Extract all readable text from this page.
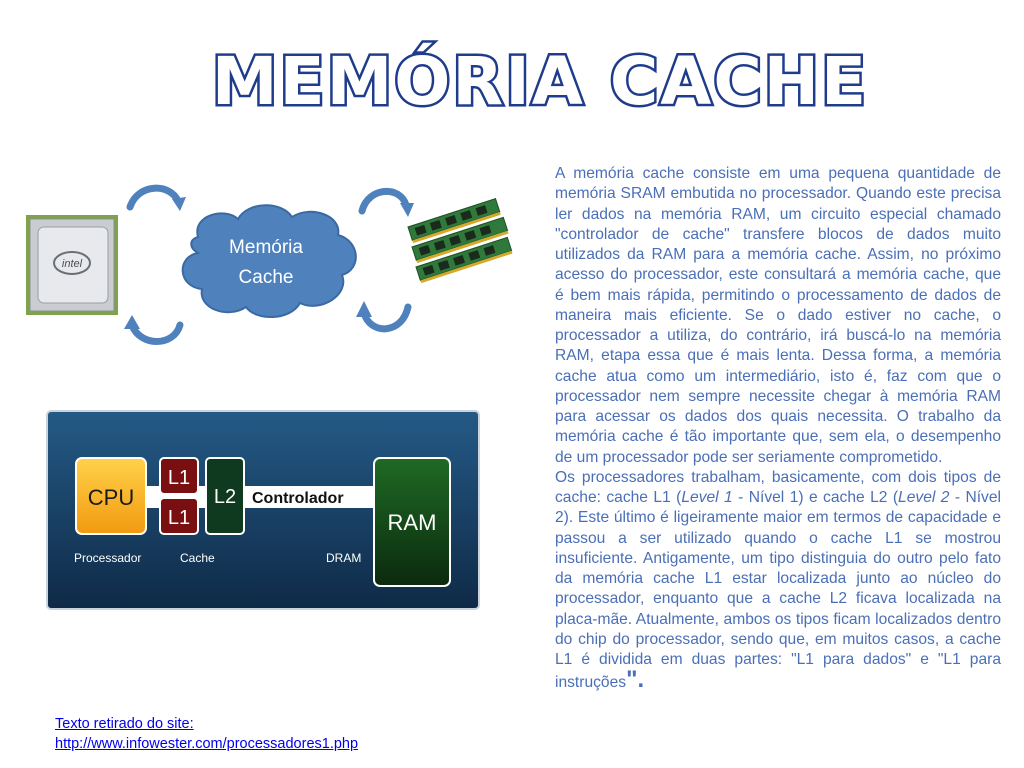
MEMÓRIA CACHE
intel
Memória
Cache
CPU
L1
L1
L2 Controlador
RAM
Processador	Cache	DRAM

A memória cache consiste em uma pequena quantidade de memória SRAM embutida no processador. Quando este precisa ler dados na memória RAM, um circuito especial chamado "controlador de cache" transfere blocos de dados muito utilizados da RAM para a memória cache. Assim, no próximo acesso do processador, este consultará a memória cache, que é bem mais rápida, permitindo o processamento de dados de maneira mais eficiente. Se o dado estiver no cache, o processador a utiliza, do contrário, irá buscá-lo na memória RAM, etapa essa que é mais lenta. Dessa forma, a memória cache atua como um intermediário, isto é, faz com que o processador nem sempre necessite chegar à memória RAM para acessar os dados dos quais necessita. O trabalho da memória cache é tão importante que, sem ela, o desempenho de um processador pode ser seriamente comprometido.

Os processadores trabalham, basicamente, com dois tipos de cache: cache L1 (Level 1 - Nível 1) e cache L2 (Level 2 - Nível 2). Este último é ligeiramente maior em termos de capacidade e passou a ser utilizado quando o cache L1 se mostrou insuficiente. Antigamente, um tipo distinguia do outro pelo fato da memória cache L1 estar localizada junto ao núcleo do processador, enquanto que a cache L2 ficava localizada na placa-mãe. Atualmente, ambos os tipos ficam localizados dentro do chip do processador, sendo que, em muitos casos, a cache L1 é dividida em duas partes: "L1 para dados" e "L1 para instruções".

Texto retirado do site:
http://www.infowester.com/processadores1.php
